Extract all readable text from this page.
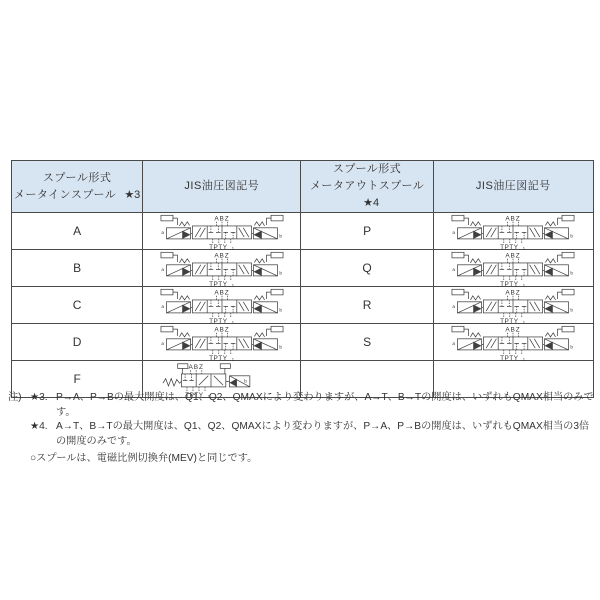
スプール形式
メータインスプール ★3
	JIS油圧図記号	
スプール形式
メータアウトスプール★4
	JIS油圧図記号
A		P	

B		Q	

C		R	

D		S	

F	

注) ★3. P→A、P→Bの最大開度は、Q1、Q2、QMAXにより変わりますが、A→T、B→Tの開度は、いずれもQMAX相当のみです。
★4. A→T、B→Tの最大開度は、Q1、Q2、QMAXにより変わりますが、P→A、P→Bの開度は、いずれもQMAX相当の3倍の開度のみです。
○スプールは、電磁比例切換弁(MEV)と同じです。
